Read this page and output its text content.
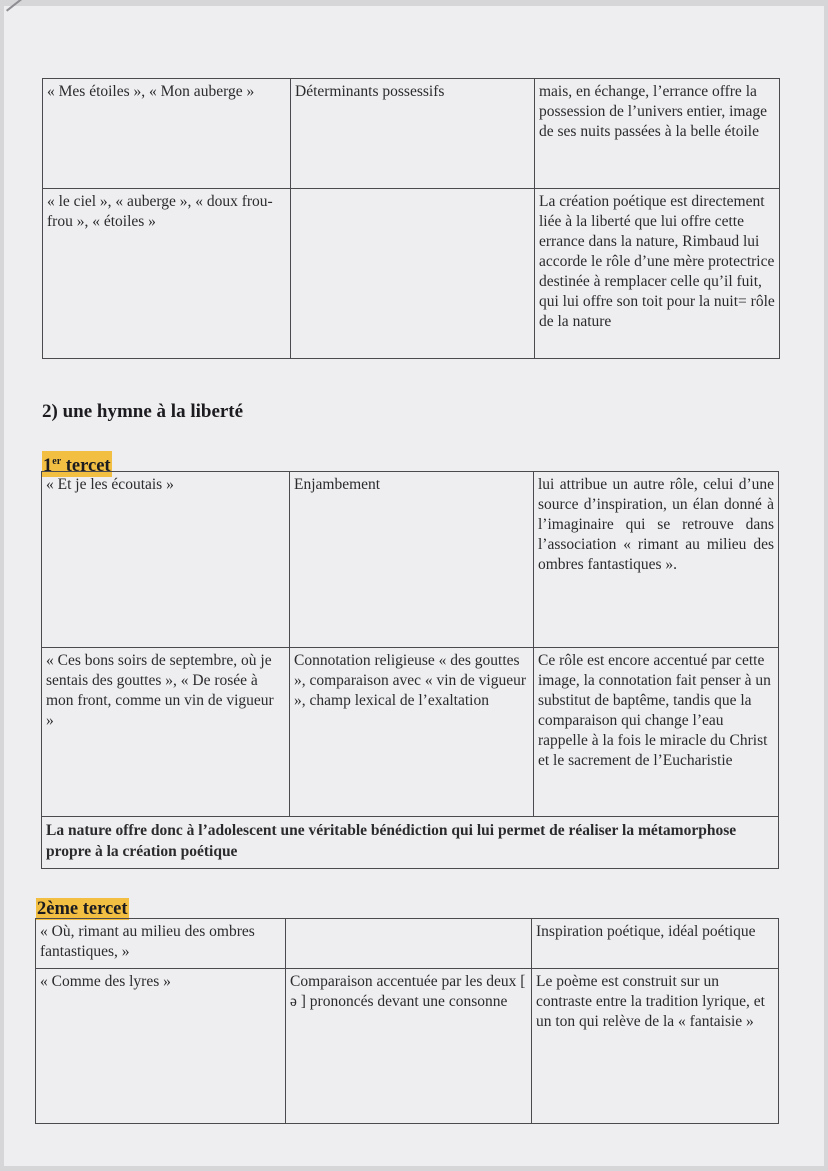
« Mes étoiles », « Mon auberge »	Déterminants possessifs	mais, en échange, l’errance offre la possession de l’univers entier, image de ses nuits passées à la belle étoile
« le ciel », « auberge », « doux frou-frou », « étoiles »		La création poétique est directement liée à la liberté que lui offre cette errance dans la nature, Rimbaud lui accorde le rôle d’une mère protectrice destinée à remplacer celle qu’il fuit, qui lui offre son toit pour la nuit= rôle de la nature
2) une hymne à la liberté
1er tercet
« Et je les écoutais »	Enjambement	lui attribue un autre rôle, celui d’une source d’inspiration, un élan donné à l’imaginaire qui se retrouve dans l’association « rimant au milieu des ombres fantastiques ».
« Ces bons soirs de septembre, où je sentais des gouttes », « De rosée à mon front, comme un vin de vigueur »	Connotation religieuse « des gouttes », comparaison avec « vin de vigueur », champ lexical de l’exaltation	Ce rôle est encore accentué par cette image, la connotation fait penser à un substitut de baptême, tandis que la comparaison qui change l’eau rappelle à la fois le miracle du Christ et le sacrement de l’Eucharistie
La nature offre donc à l’adolescent une véritable bénédiction qui lui permet de réaliser la métamorphose propre à la création poétique		
2ème tercet
« Où, rimant au milieu des ombres fantastiques, »		Inspiration poétique, idéal poétique
« Comme des lyres »	Comparaison accentuée par les deux [ ə ] prononcés devant une consonne	Le poème est construit sur un contraste entre la tradition lyrique, et un ton qui relève de la « fantaisie »
